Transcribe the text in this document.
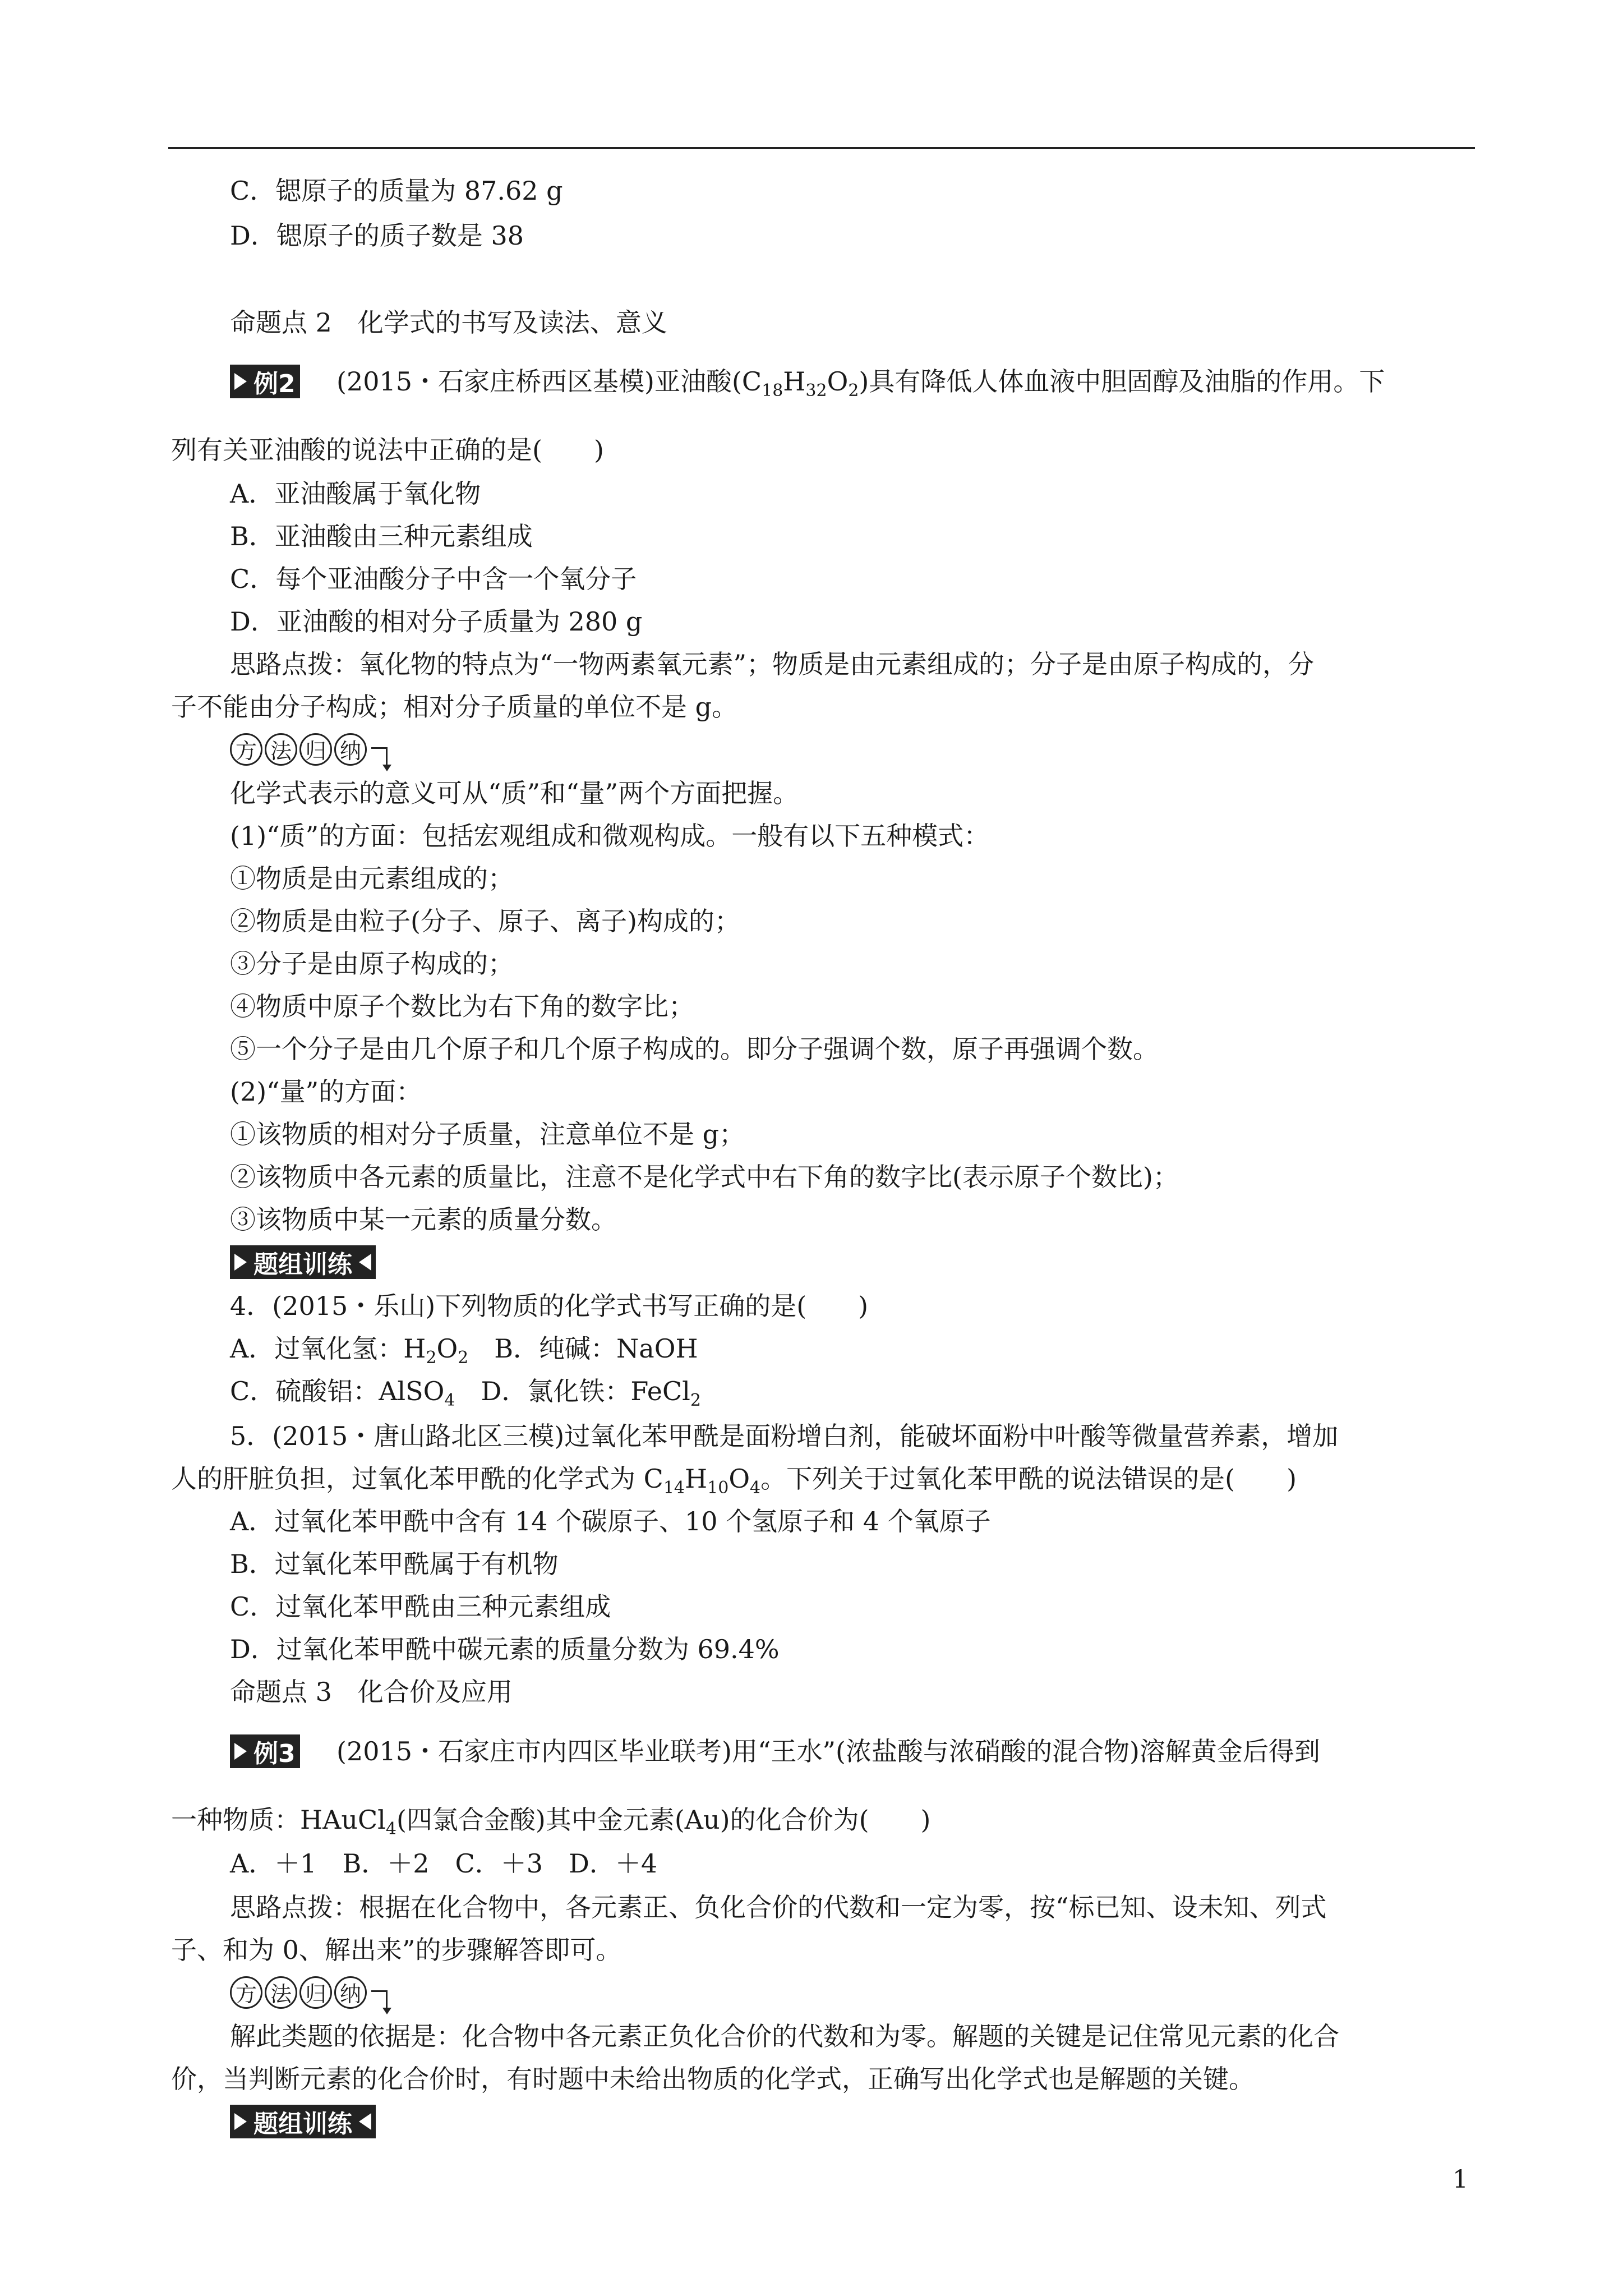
C．锶原子的质量为 87.62 g
D．锶原子的质子数是 38
命题点 2　化学式的书写及读法、意义
例2 (2015・石家庄桥西区基模)亚油酸$(C_{18}H_{32}O_2)$具有降低人体血液中胆固醇及油脂的作用。下
列有关亚油酸的说法中正确的是(　　)
A．亚油酸属于氧化物
B．亚油酸由三种元素组成
C．每个亚油酸分子中含一个氧分子
D．亚油酸的相对分子质量为 280 g
思路点拨：氧化物的特点为“一物两素氧元素”；物质是由元素组成的；分子是由原子构成的，分
子不能由分子构成；相对分子质量的单位不是 g。
方 法 归 纳
化学式表示的意义可从“质”和“量”两个方面把握。
(1)“质”的方面：包括宏观组成和微观构成。一般有以下五种模式：
①物质是由元素组成的；
②物质是由粒子(分子、原子、离子)构成的；
③分子是由原子构成的；
④物质中原子个数比为右下角的数字比；
⑤一个分子是由几个原子和几个原子构成的。即分子强调个数，原子再强调个数。
(2)“量”的方面：
①该物质的相对分子质量，注意单位不是 g；
②该物质中各元素的质量比，注意不是化学式中右下角的数字比(表示原子个数比)；
③该物质中某一元素的质量分数。
题组训练
4．(2015・乐山)下列物质的化学式书写正确的是(　　)
A．过氧化氢：$H_2O_2$　B．纯碱：NaOH
C．硫酸铝：AlSO$_4$　D．氯化铁：FeCl$_2$
5．(2015・唐山路北区三模)过氧化苯甲酰是面粉增白剂，能破坏面粉中叶酸等微量营养素，增加
人的肝脏负担，过氧化苯甲酰的化学式为 $C_{14}H_{10}O_4$。下列关于过氧化苯甲酰的说法错误的是(　　)
A．过氧化苯甲酰中含有 14 个碳原子、10 个氢原子和 4 个氧原子
B．过氧化苯甲酰属于有机物
C．过氧化苯甲酰由三种元素组成
D．过氧化苯甲酰中碳元素的质量分数为 69.4%
命题点 3　化合价及应用
例3 (2015・石家庄市内四区毕业联考)用“王水”(浓盐酸与浓硝酸的混合物)溶解黄金后得到
一种物质：HAuCl$_4$(四氯合金酸)其中金元素(Au)的化合价为(　　)
A．＋1　B．＋2　C．＋3　D．＋4
思路点拨：根据在化合物中，各元素正、负化合价的代数和一定为零，按“标已知、设未知、列式
子、和为 0、解出来”的步骤解答即可。
方 法 归 纳
解此类题的依据是：化合物中各元素正负化合价的代数和为零。解题的关键是记住常见元素的化合
价，当判断元素的化合价时，有时题中未给出物质的化学式，正确写出化学式也是解题的关键。
题组训练
1
